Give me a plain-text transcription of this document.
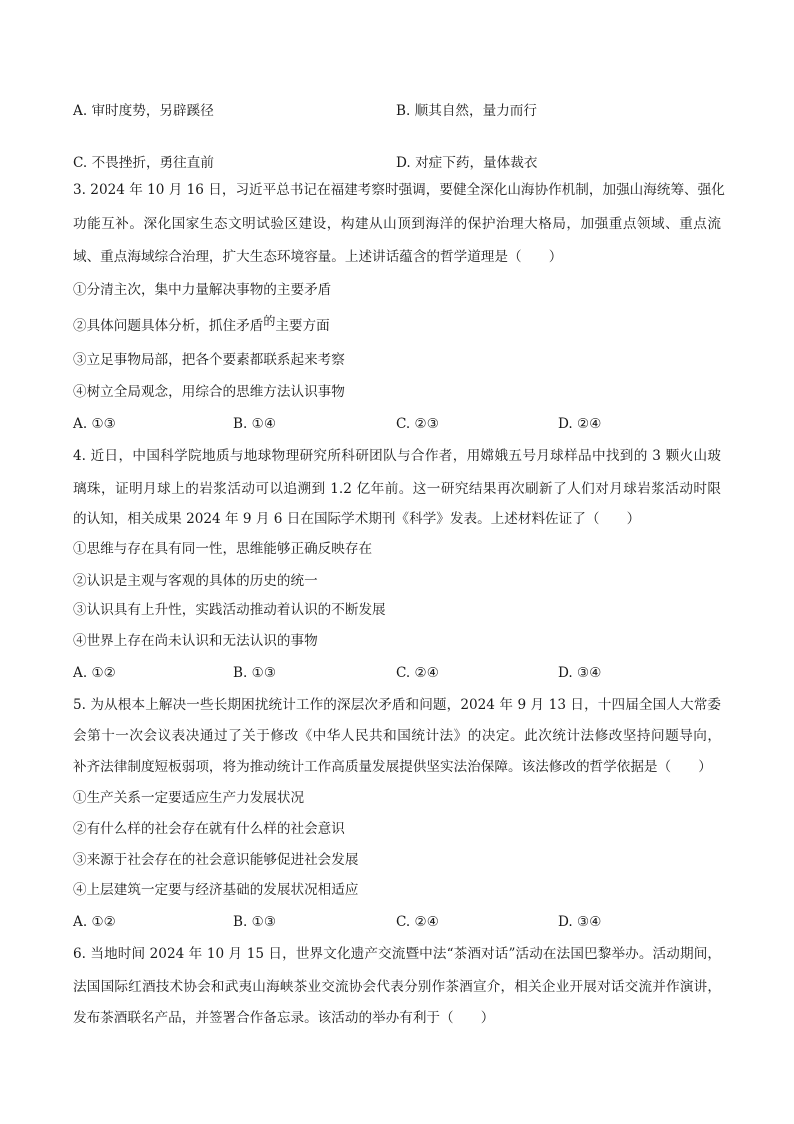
A. 审时度势，另辟蹊径	B. 顺其自然，量力而行
C. 不畏挫折，勇往直前	D. 对症下药，量体裁衣
3. 2024 年 10 月 16 日，习近平总书记在福建考察时强调，要健全深化山海协作机制，加强山海统筹、强化
功能互补。深化国家生态文明试验区建设，构建从山顶到海洋的保护治理大格局，加强重点领域、重点流
域、重点海域综合治理，扩大生态环境容量。上述讲话蕴含的哲学道理是（　　）
①分清主次，集中力量解决事物的主要矛盾
②具体问题具体分析，抓住矛盾的主要方面
③立足事物局部，把各个要素都联系起来考察
④树立全局观念，用综合的思维方法认识事物
A. ①③	B. ①④	C. ②③	D. ②④
4. 近日，中国科学院地质与地球物理研究所科研团队与合作者，用嫦娥五号月球样品中找到的 3 颗火山玻
璃珠，证明月球上的岩浆活动可以追溯到 1.2 亿年前。这一研究结果再次刷新了人们对月球岩浆活动时限
的认知，相关成果 2024 年 9 月 6 日在国际学术期刊《科学》发表。上述材料佐证了（　　）
①思维与存在具有同一性，思维能够正确反映存在
②认识是主观与客观的具体的历史的统一
③认识具有上升性，实践活动推动着认识的不断发展
④世界上存在尚未认识和无法认识的事物
A. ①②	B. ①③	C. ②④	D. ③④
5. 为从根本上解决一些长期困扰统计工作的深层次矛盾和问题，2024 年 9 月 13 日，十四届全国人大常委
会第十一次会议表决通过了关于修改《中华人民共和国统计法》的决定。此次统计法修改坚持问题导向，
补齐法律制度短板弱项，将为推动统计工作高质量发展提供坚实法治保障。该法修改的哲学依据是（　　）
①生产关系一定要适应生产力发展状况
②有什么样的社会存在就有什么样的社会意识
③来源于社会存在的社会意识能够促进社会发展
④上层建筑一定要与经济基础的发展状况相适应
A. ①②	B. ①③	C. ②④	D. ③④
6. 当地时间 2024 年 10 月 15 日，世界文化遗产交流暨中法“茶酒对话”活动在法国巴黎举办。活动期间，
法国国际红酒技术协会和武夷山海峡茶业交流协会代表分别作茶酒宣介，相关企业开展对话交流并作演讲，
发布茶酒联名产品，并签署合作备忘录。该活动的举办有利于（　　）
